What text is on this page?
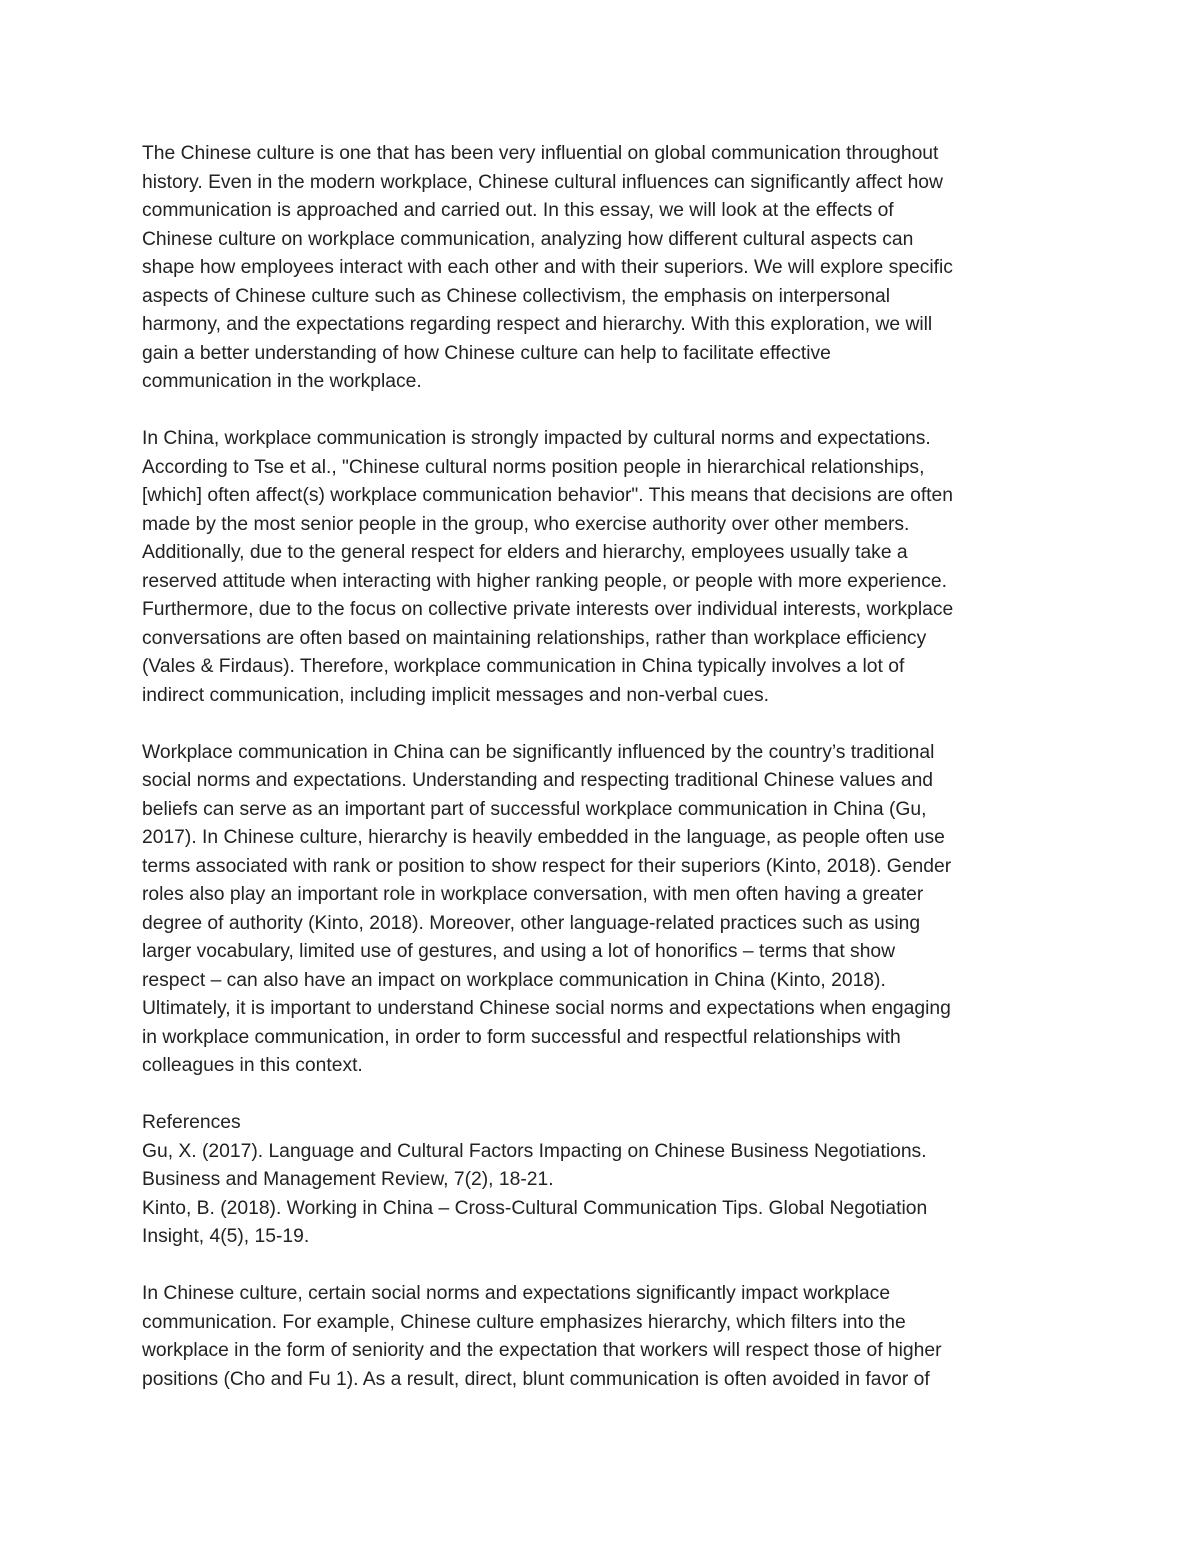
The Chinese culture is one that has been very influential on global communication throughout
history. Even in the modern workplace, Chinese cultural influences can significantly affect how
communication is approached and carried out. In this essay, we will look at the effects of
Chinese culture on workplace communication, analyzing how different cultural aspects can
shape how employees interact with each other and with their superiors. We will explore specific
aspects of Chinese culture such as Chinese collectivism, the emphasis on interpersonal
harmony, and the expectations regarding respect and hierarchy. With this exploration, we will
gain a better understanding of how Chinese culture can help to facilitate effective
communication in the workplace.

In China, workplace communication is strongly impacted by cultural norms and expectations.
According to Tse et al., "Chinese cultural norms position people in hierarchical relationships,
[which] often affect(s) workplace communication behavior". This means that decisions are often
made by the most senior people in the group, who exercise authority over other members.
Additionally, due to the general respect for elders and hierarchy, employees usually take a
reserved attitude when interacting with higher ranking people, or people with more experience.
Furthermore, due to the focus on collective private interests over individual interests, workplace
conversations are often based on maintaining relationships, rather than workplace efficiency
(Vales & Firdaus). Therefore, workplace communication in China typically involves a lot of
indirect communication, including implicit messages and non-verbal cues.

Workplace communication in China can be significantly influenced by the country’s traditional
social norms and expectations. Understanding and respecting traditional Chinese values and
beliefs can serve as an important part of successful workplace communication in China (Gu,
2017). In Chinese culture, hierarchy is heavily embedded in the language, as people often use
terms associated with rank or position to show respect for their superiors (Kinto, 2018). Gender
roles also play an important role in workplace conversation, with men often having a greater
degree of authority (Kinto, 2018). Moreover, other language-related practices such as using
larger vocabulary, limited use of gestures, and using a lot of honorifics – terms that show
respect – can also have an impact on workplace communication in China (Kinto, 2018).
Ultimately, it is important to understand Chinese social norms and expectations when engaging
in workplace communication, in order to form successful and respectful relationships with
colleagues in this context.

References
Gu, X. (2017). Language and Cultural Factors Impacting on Chinese Business Negotiations.
Business and Management Review, 7(2), 18-21.
Kinto, B. (2018). Working in China – Cross-Cultural Communication Tips. Global Negotiation
Insight, 4(5), 15-19.

In Chinese culture, certain social norms and expectations significantly impact workplace
communication. For example, Chinese culture emphasizes hierarchy, which filters into the
workplace in the form of seniority and the expectation that workers will respect those of higher
positions (Cho and Fu 1). As a result, direct, blunt communication is often avoided in favor of
